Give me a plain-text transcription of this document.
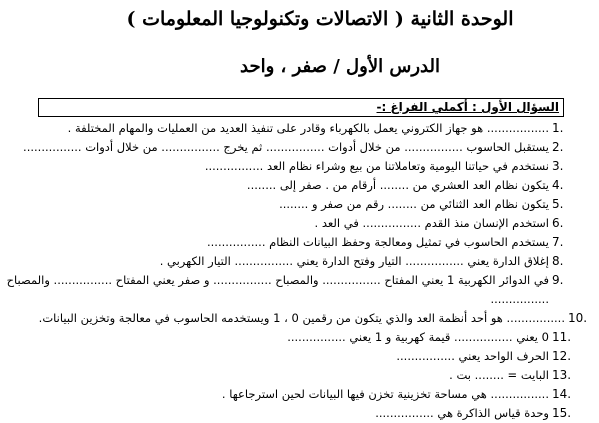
الوحدة الثانية ( الاتصالات وتكنولوجيا المعلومات )
الدرس الأول / صفر ، واحد
السؤال الأول : أكملي الفراغ :-
1.
................. هو جهاز الكتروني يعمل بالكهرباء وقادر على تنفيذ العديد من العمليات والمهام المختلفة .
2.
يستقبل الحاسوب ................ من خلال أدوات ................ ثم يخرج ................ من خلال أدوات ................
3.
نستخدم في حياتنا اليومية وتعاملاتنا من بيع وشراء نظام العد ................
4.
يتكون نظام العد العشري من ........ أرقام من . صفر إلى ........
5.
يتكون نظام العد الثنائي من ........ رقم من صفر و ........
6.
استخدم الإنسان منذ القدم ................ في العد .
7.
يستخدم الحاسوب في تمثيل ومعالجة وحفظ البيانات النظام ................
8.
إغلاق الدارة يعني ................ التيار وفتح الدارة يعني ................ التيار الكهربي .
9.
في الدوائر الكهربية 1 يعني المفتاح ................ والمصباح ................ و صفر يعني المفتاح ................ والمصباح ................
10.
................ هو أحد أنظمة العد والذي يتكون من رقمين 0 ، 1 ويستخدمه الحاسوب في معالجة وتخزين البيانات.
11.
0 يعني ................ قيمة كهربية و 1 يعني ................
12.
الحرف الواحد يعني ................
13.
البايت = ........ بت .
14.
................ هي مساحة تخزينية تخزن فيها البيانات لحين استرجاعها .
15.
وحدة قياس الذاكرة هي ................
